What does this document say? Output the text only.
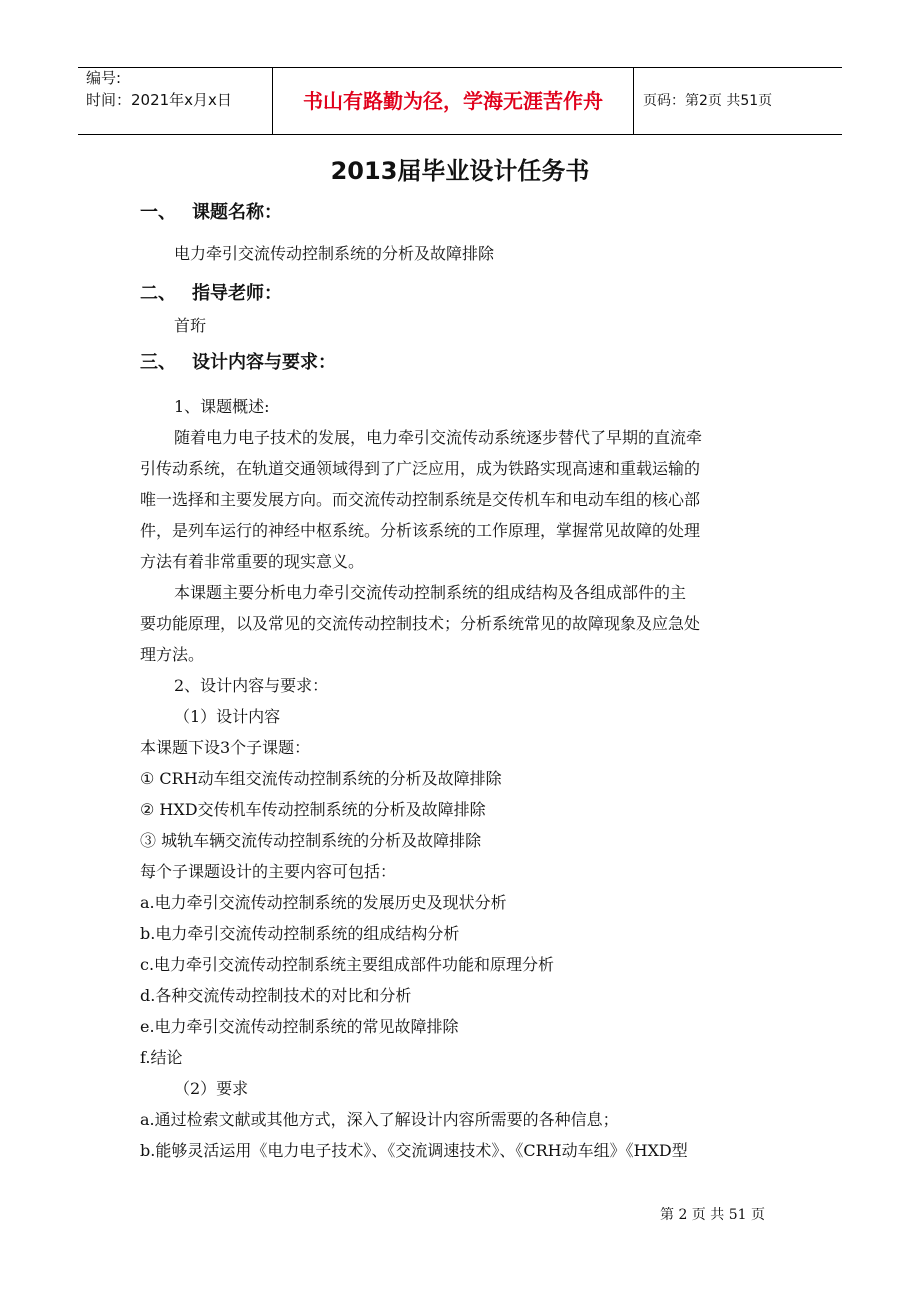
编号:
时间：2021年x月x日	书山有路勤为径，学海无涯苦作舟	页码：第2页 共51页
2013届毕业设计任务书
一、 课题名称：
电力牵引交流传动控制系统的分析及故障排除
二、 指导老师：
首珩
三、 设计内容与要求：
1、课题概述:
随着电力电子技术的发展，电力牵引交流传动系统逐步替代了早期的直流牵
引传动系统，在轨道交通领域得到了广泛应用，成为铁路实现高速和重载运输的
唯一选择和主要发展方向。而交流传动控制系统是交传机车和电动车组的核心部
件，是列车运行的神经中枢系统。分析该系统的工作原理，掌握常见故障的处理
方法有着非常重要的现实意义。
本课题主要分析电力牵引交流传动控制系统的组成结构及各组成部件的主
要功能原理，以及常见的交流传动控制技术；分析系统常见的故障现象及应急处
理方法。
2、设计内容与要求：
（1）设计内容
本课题下设3个子课题：
① CRH动车组交流传动控制系统的分析及故障排除
② HXD交传机车传动控制系统的分析及故障排除
③ 城轨车辆交流传动控制系统的分析及故障排除
每个子课题设计的主要内容可包括：
a.电力牵引交流传动控制系统的发展历史及现状分析
b.电力牵引交流传动控制系统的组成结构分析
c.电力牵引交流传动控制系统主要组成部件功能和原理分析
d.各种交流传动控制技术的对比和分析
e.电力牵引交流传动控制系统的常见故障排除
f.结论
（2）要求
a.通过检索文献或其他方式，深入了解设计内容所需要的各种信息；
b.能够灵活运用《电力电子技术》、《交流调速技术》、《CRH动车组》《HXD型
第 2 页 共 51 页
